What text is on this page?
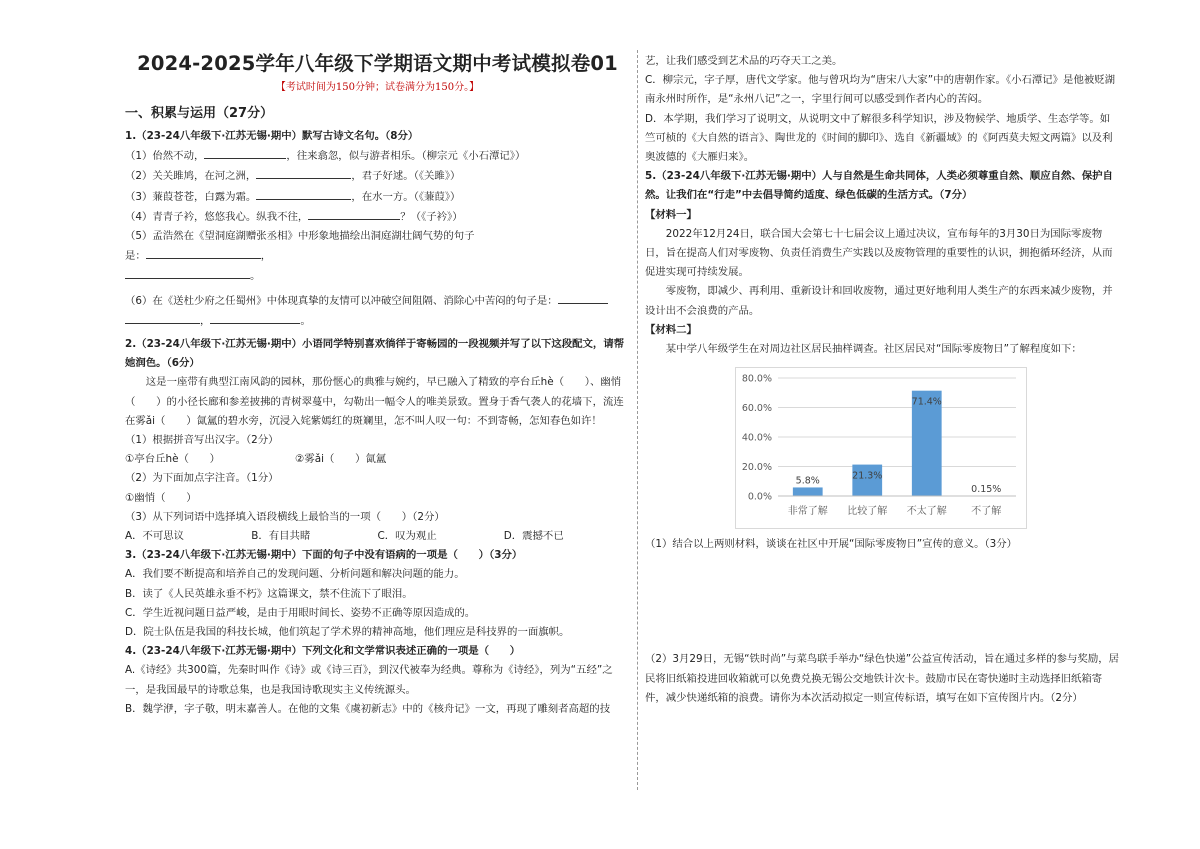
2024-2025学年八年级下学期语文期中考试模拟卷01
【考试时间为150分钟；试卷满分为150分。】
一、积累与运用（27分）

1.（23-24八年级下·江苏无锡·期中）默写古诗文名句。（8分）

（1）佁然不动，	，往来翕忽，似与游者相乐。（柳宗元《小石潭记》）

（2）关关雎鸠，在河之洲，	，君子好逑。（《关雎》）

（3）蒹葭苍苍，白露为霜。	，在水一方。（《蒹葭》）

（4）青青子衿，悠悠我心。纵我不往，	？（《子衿》）

（5）孟浩然在《望洞庭湖赠张丞相》中形象地描绘出洞庭湖壮阔气势的句子

是：	，

。

（6）在《送杜少府之任蜀州》中体现真挚的友情可以冲破空间阻隔、消除心中苦闷的句子是：

，	。

2.（23-24八年级下·江苏无锡·期中）小语同学特别喜欢徜徉于寄畅园的一段视频并写了以下这段配文，请帮她润色。（6分）

这是一座带有典型江南风韵的园林，那份惬心的典雅与婉约，早已融入了精致的亭台丘hè（　　）、幽悄（　　）的小径长廊和参差披拂的青树翠蔓中，勾勒出一幅令人的唯美景致。置身于香气袭人的花墙下，流连在雾ǎi（　　）氤氲的碧水旁，沉浸入姹紫嫣红的斑斓里，怎不叫人叹一句：不到寄畅，怎知春色如许！

（1）根据拼音写出汉字。（2分）

①亭台丘hè（　　）	②雾ǎi（　　）氤氲

（2）为下面加点字注音。（1分）

①幽悄（　　）

（3）从下列词语中选择填入语段横线上最恰当的一项（　　）（2分）

A．不可思议	B．有目共睹	C．叹为观止	D．震撼不已

3.（23-24八年级下·江苏无锡·期中）下面的句子中没有语病的一项是（　　）（3分）

A．我们要不断提高和培养自己的发现问题、分析问题和解决问题的能力。

B．读了《人民英雄永垂不朽》这篇课文，禁不住流下了眼泪。

C．学生近视问题日益严峻，是由于用眼时间长、姿势不正确等原因造成的。

D．院士队伍是我国的科技长城，他们筑起了学术界的精神高地，他们理应是科技界的一面旗帜。

4.（23-24八年级下·江苏无锡·期中）下列文化和文学常识表述正确的一项是（　　）

A.《诗经》共300篇，先秦时叫作《诗》或《诗三百》，到汉代被奉为经典。尊称为《诗经》，列为“五经”之一，是我国最早的诗歌总集，也是我国诗歌现实主义传统源头。

B．魏学洢，字子敬，明末嘉善人。在他的文集《虞初新志》中的《核舟记》一文，再现了雕刻者高超的技

艺，让我们感受到艺术品的巧夺天工之美。

C．柳宗元，字子厚，唐代文学家。他与曾巩均为“唐宋八大家”中的唐朝作家。《小石潭记》是他被贬湖南永州时所作，是“永州八记”之一，字里行间可以感受到作者内心的苦闷。

D．本学期，我们学习了说明文，从说明文中了解很多科学知识，涉及物候学、地质学、生态学等。如竺可桢的《大自然的语言》、陶世龙的《时间的脚印》、选自《新疆域》的《阿西莫夫短文两篇》以及利奥波德的《大雁归来》。

5.（23-24八年级下·江苏无锡·期中）人与自然是生命共同体，人类必须尊重自然、顺应自然、保护自然。让我们在“行走”中去倡导简约适度、绿色低碳的生活方式。（7分）

【材料一】

2022年12月24日，联合国大会第七十七届会议上通过决议，宣布每年的3月30日为国际零废物日，旨在提高人们对零废物、负责任消费生产实践以及废物管理的重要性的认识，拥抱循环经济，从而促进实现可持续发展。

零废物，即减少、再利用、重新设计和回收废物，通过更好地利用人类生产的东西来减少废物，并设计出不会浪费的产品。

【材料二】

某中学八年级学生在对周边社区居民抽样调查。社区居民对“国际零废物日”了解程度如下：

0.0%
20.0%
40.0%
60.0%
80.0%
5.8%
非常了解
21.3%
比较了解
71.4%
不太了解
0.15%
不了解

（1）结合以上两则材料，谈谈在社区中开展“国际零废物日”宣传的意义。（3分）

（2）3月29日，无锡“铁时尚”与菜鸟联手举办“绿色快递”公益宣传活动，旨在通过多样的参与奖励，居民将旧纸箱投进回收箱就可以免费兑换无锡公交地铁计次卡。鼓励市民在寄快递时主动选择旧纸箱寄件，减少快递纸箱的浪费。请你为本次活动拟定一则宣传标语，填写在如下宣传图片内。（2分）
